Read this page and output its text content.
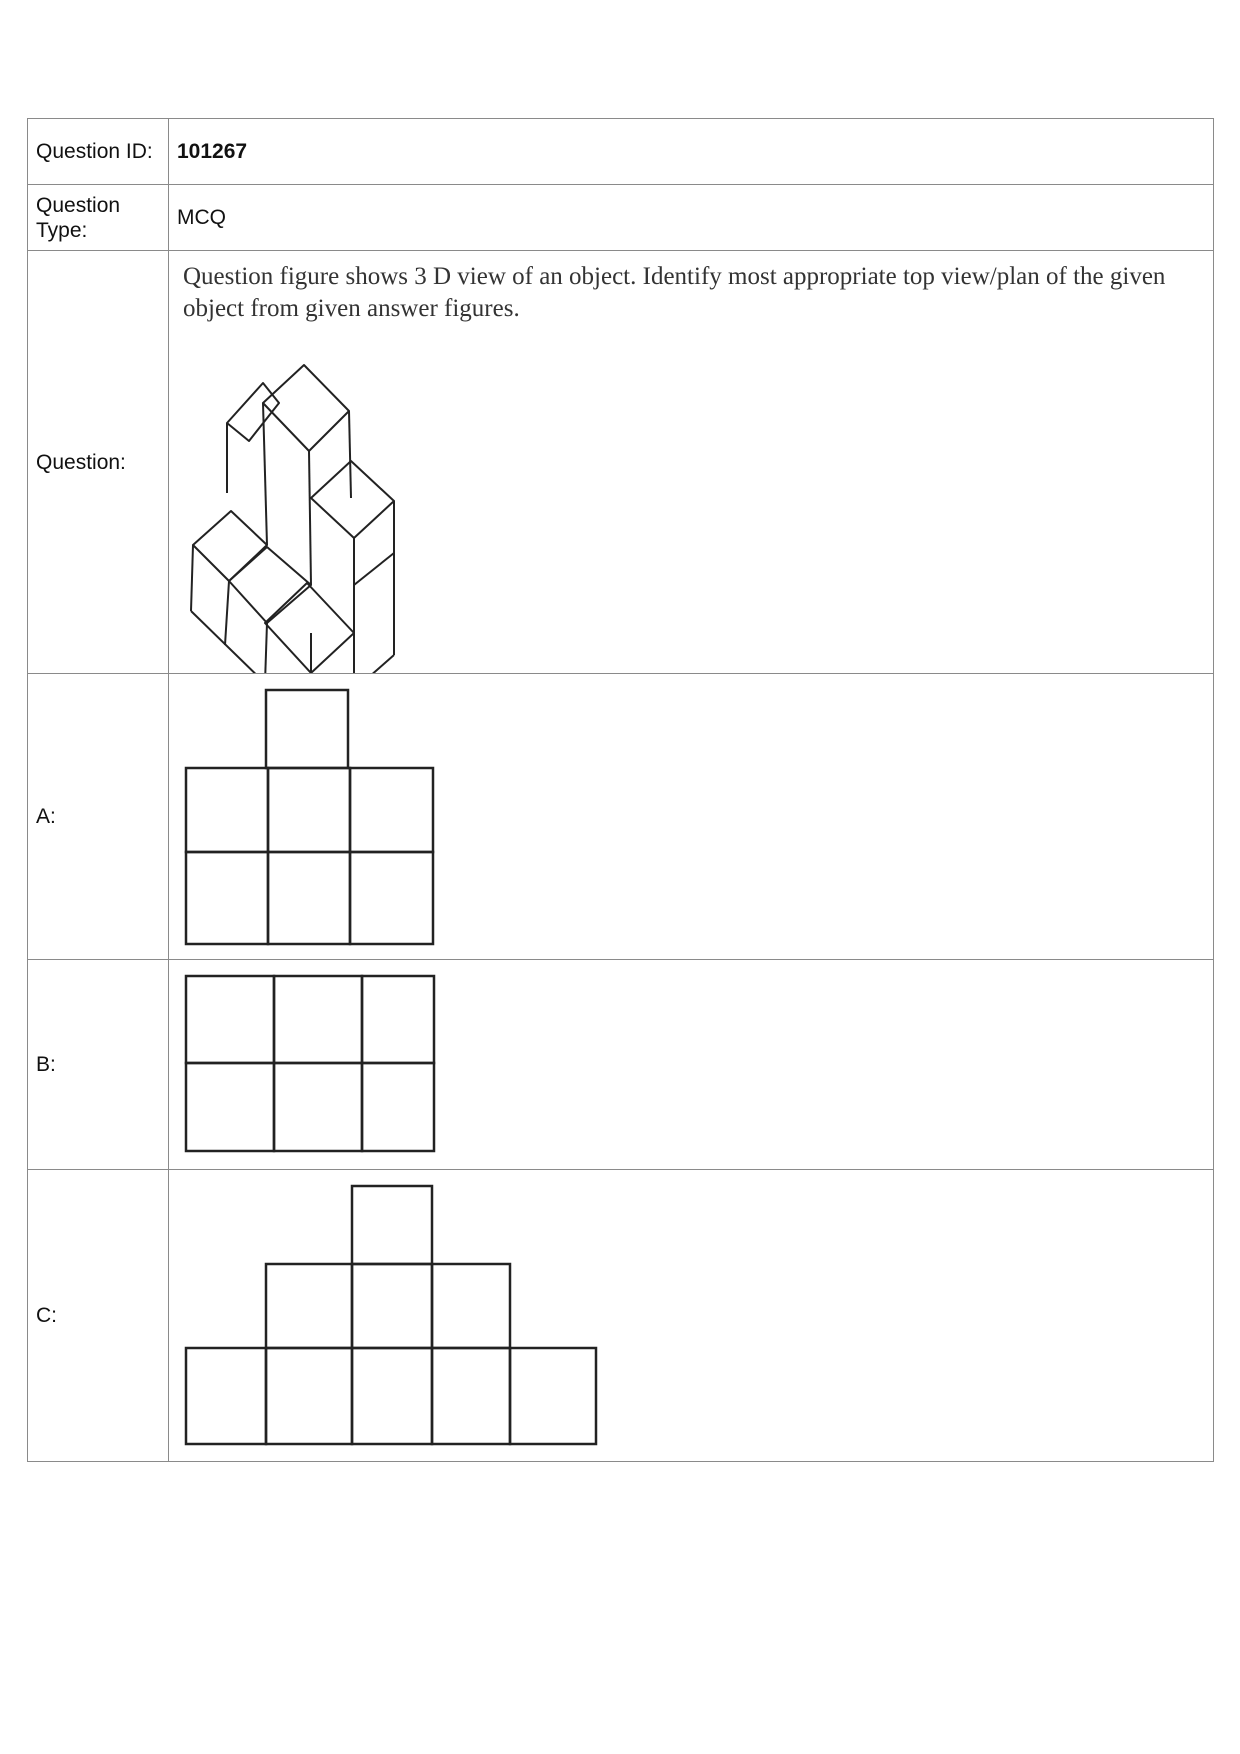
Question ID:	101267
Question Type:	MCQ
Question:	Question figure shows 3 D view of an object. Identify most appropriate top view/plan of the given object from given answer figures.

A:	

B:	

C:	
